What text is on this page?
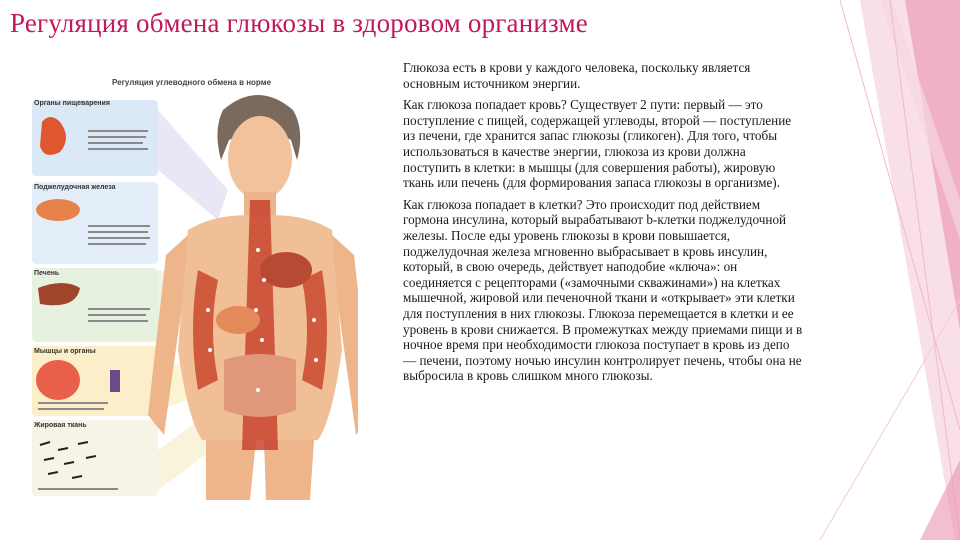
Регуляция обмена глюкозы в здоровом организме
Регуляция углеводного обмена в норме
Органы пищеварения
Поджелудочная железа
Печень
Мышцы и органы
Жировая ткань

Глюкоза есть в крови у каждого человека, поскольку является основным источником энергии.

Как глюкоза попадает кровь? Существует 2 пути: первый — это поступление с пищей, содержащей углеводы, второй — поступление из печени, где хранится запас глюкозы (гликоген). Для того, чтобы использоваться в качестве энергии, глюкоза из крови должна поступить в клетки: в мышцы (для совершения работы), жировую ткань или печень (для формирования запаса глюкозы в организме).

Как глюкоза попадает в клетки? Это происходит под действием гормона инсулина, который вырабатывают b-клетки поджелудочной железы. После еды уровень глюкозы в крови повышается, поджелудочная железа мгновенно выбрасывает в кровь инсулин, который, в свою очередь, действует наподобие «ключа»: он соединяется с рецепторами («замочными скважинами») на клетках мышечной, жировой или печеночной ткани и «открывает» эти клетки для поступления в них глюкозы. Глюкоза перемещается в клетки и ее уровень в крови снижается. В промежутках между приемами пищи и в ночное время при необходимости глюкоза поступает в кровь из депо — печени, поэтому ночью инсулин контролирует печень, чтобы она не выбросила в кровь слишком много глюкозы.
